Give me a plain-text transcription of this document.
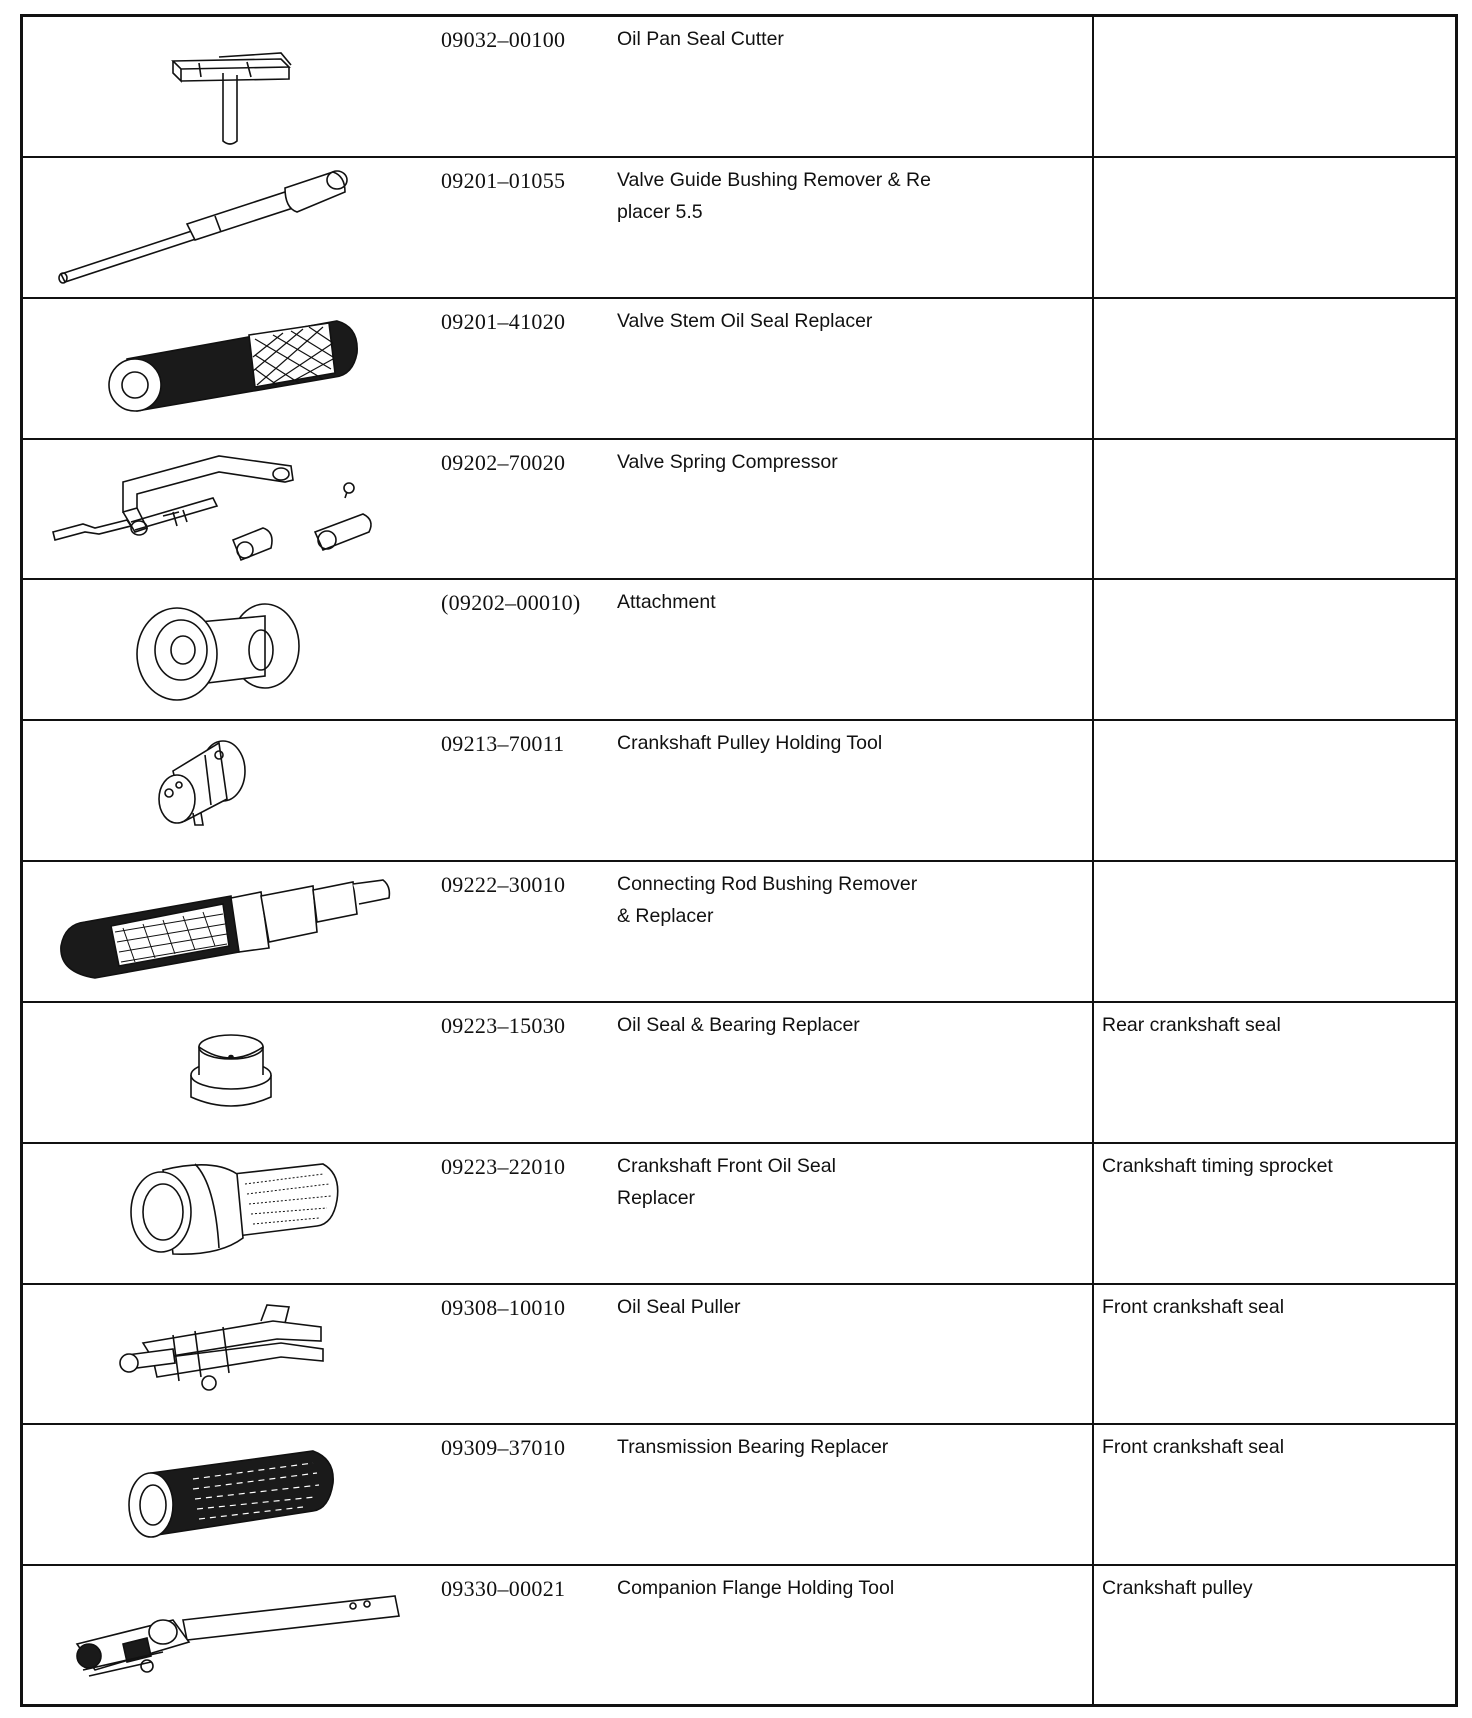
09032–00100	Oil Pan Seal Cutter	

09201–01055	Valve Guide Bushing Remover & Re
placer 5.5	

09201–41020	Valve Stem Oil Seal Replacer	

09202–70020	Valve Spring Compressor	

(09202–00010)	Attachment	

09213–70011	Crankshaft Pulley Holding Tool	

09222–30010	Connecting Rod Bushing Remover
& Replacer	

09223–15030	Oil Seal & Bearing Replacer	Rear crankshaft seal

09223–22010	Crankshaft Front Oil Seal
Replacer	Crankshaft timing sprocket

09308–10010	Oil Seal Puller	Front crankshaft seal

09309–37010	Transmission Bearing Replacer	Front crankshaft seal

09330–00021	Companion Flange Holding Tool	Crankshaft pulley
